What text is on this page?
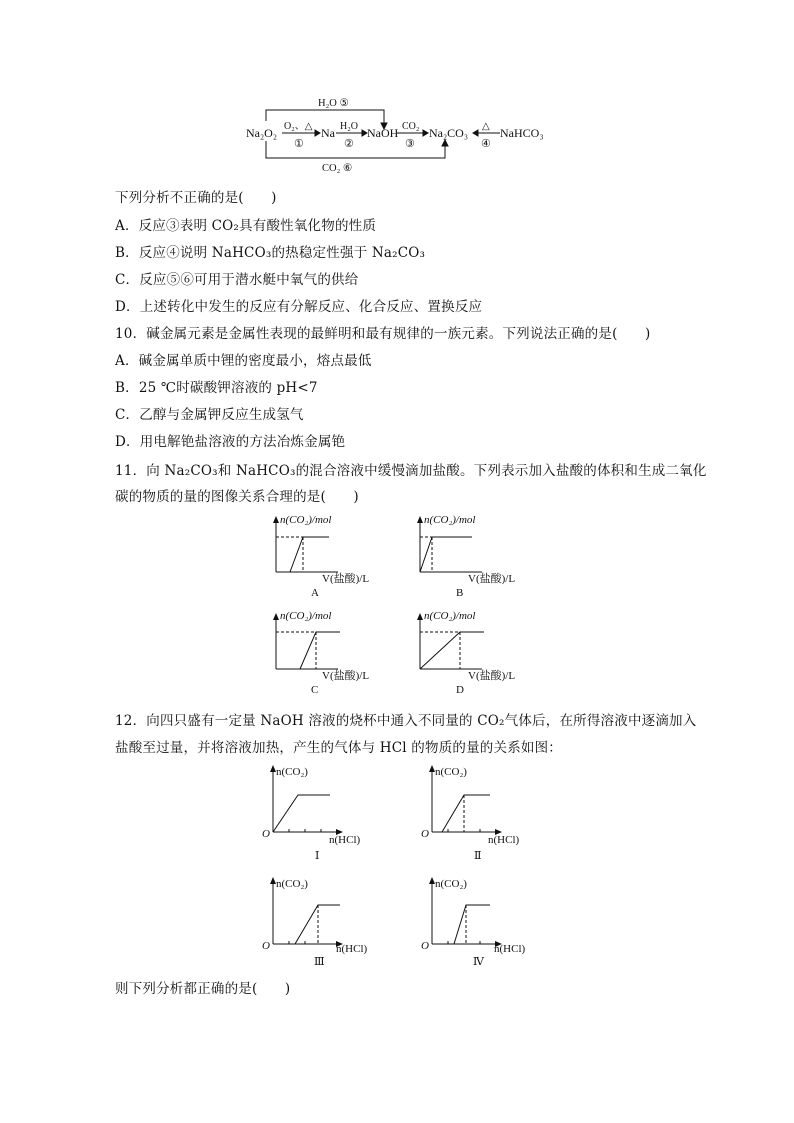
H₂O ⑤
Na₂O₂ O₂、△
①
Na H₂O
②
NaOH CO₂
③
Na₂CO₃ △
④
NaHCO₃
CO₂ ⑥
下列分析不正确的是(　　)
A．反应③表明 CO₂具有酸性氧化物的性质
B．反应④说明 NaHCO₃的热稳定性强于 Na₂CO₃
C．反应⑤⑥可用于潜水艇中氧气的供给
D．上述转化中发生的反应有分解反应、化合反应、置换反应
10．碱金属元素是金属性表现的最鲜明和最有规律的一族元素。下列说法正确的是(　　)
A．碱金属单质中锂的密度最小，熔点最低
B．25 ℃时碳酸钾溶液的 pH<7
C．乙醇与金属钾反应生成氢气
D．用电解铯盐溶液的方法冶炼金属铯
11．向 Na₂CO₃和 NaHCO₃的混合溶液中缓慢滴加盐酸。下列表示加入盐酸的体积和生成二氧化
碳的物质的量的图像关系合理的是(　　)
n(CO₂)/mol
V(盐酸)/L
A
n(CO₂)/mol
V(盐酸)/L
B
n(CO₂)/mol
V(盐酸)/L
C
n(CO₂)/mol
V(盐酸)/L
D
12．向四只盛有一定量 NaOH 溶液的烧杯中通入不同量的 CO₂气体后，在所得溶液中逐滴加入
盐酸至过量，并将溶液加热，产生的气体与 HCl 的物质的量的关系如图：
n(CO₂)
O	n(HCl)
Ⅰ
n(CO₂)
O	n(HCl)
Ⅱ
n(CO₂)
O	n(HCl)
Ⅲ
n(CO₂)
O	n(HCl)
Ⅳ
则下列分析都正确的是(　　)
